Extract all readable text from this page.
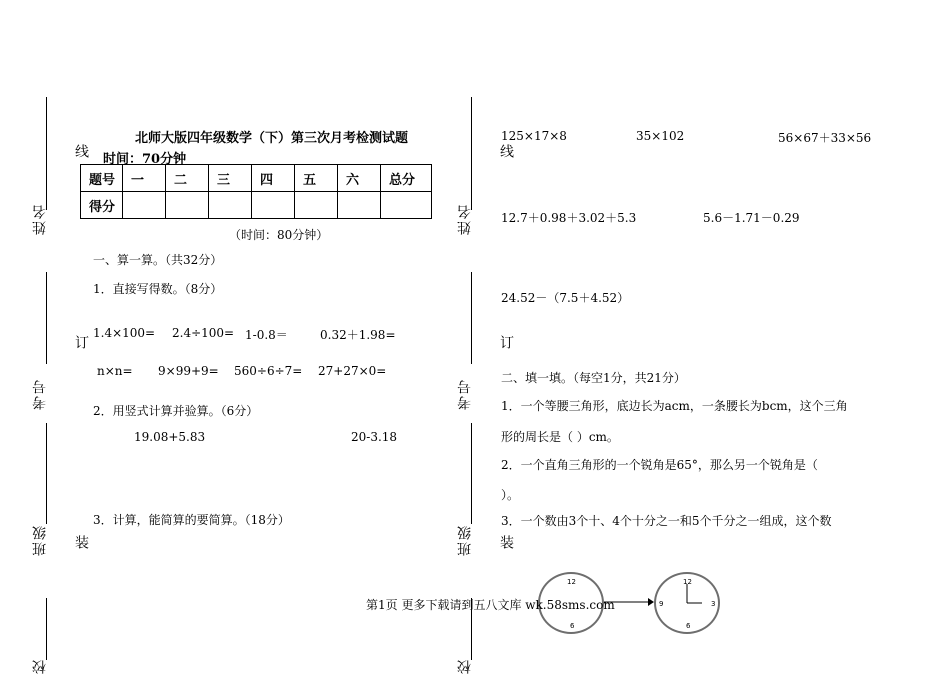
姓名
考号
班级
校
线
订
装
姓名
考号
班级
校
线
订
装
北师大版四年级数学（下）第三次月考检测试题
时间：70分钟
题号	一	二	三	四	五	六	总分
得分							
（时间：80分钟）
一、算一算。（共32分）
1．直接写得数。（8分）
1.4×100= 2.4÷100= 1-0.8＝	0.32＋1.98=
n×n= 9×99+9= 560÷6÷7= 27+27×0=
2．用竖式计算并验算。（6分）
19.08+5.83	20-3.18
3．计算，能简算的要简算。（18分）
125×17×8	35×102	56×67＋33×56
12.7＋0.98＋3.02＋5.3	5.6－1.71－0.29
24.52－（7.5＋4.52）
二、填一填。（每空1分，共21分）
1．一个等腰三角形，底边长为acm，一条腰长为bcm，这个三角
形的周长是（ ）cm。
2．一个直角三角形的一个锐角是65°，那么另一个锐角是（
）。
3．一个数由3个十、4个十分之一和5个千分之一组成，这个数
12
6
12
3
6
9
第1页 更多下载请到五八文库 wk.58sms.com
